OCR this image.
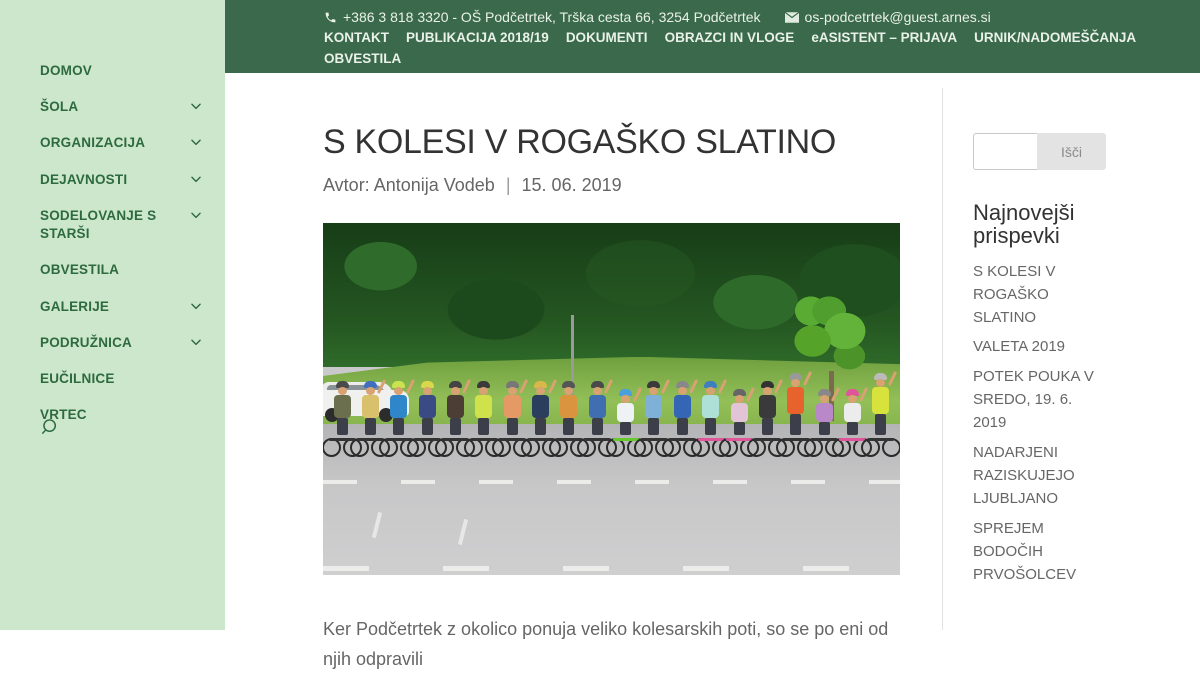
DOMOV
ŠOLA
ORGANIZACIJA
DEJAVNOSTI
SODELOVANJE S STARŠI
OBVESTILA
GALERIJE
PODRUŽNICA
EUČILNICE
VRTEC
+386 3 818 3320 - OŠ Podčetrtek, Trška cesta 66, 3254 Podčetrtek	os-podcetrtek@guest.arnes.si
KONTAKT PUBLIKACIJA 2018/19 DOKUMENTI OBRAZCI IN VLOGE eASISTENT – PRIJAVA URNIK/NADOMEŠČANJA
OBVESTILA
S KOLESI V ROGAŠKO SLATINO
Avtor: Antonija Vodeb | 15. 06. 2019

Ker Podčetrtek z okolico ponuja veliko kolesarskih poti, so se po eni od njih odpravili

Išči
Najnovejši prispevki
S KOLESI V ROGAŠKO SLATINO
VALETA 2019
POTEK POUKA V SREDO, 19. 6. 2019
NADARJENI RAZISKUJEJO LJUBLJANO
SPREJEM BODOČIH PRVOŠOLCEV
